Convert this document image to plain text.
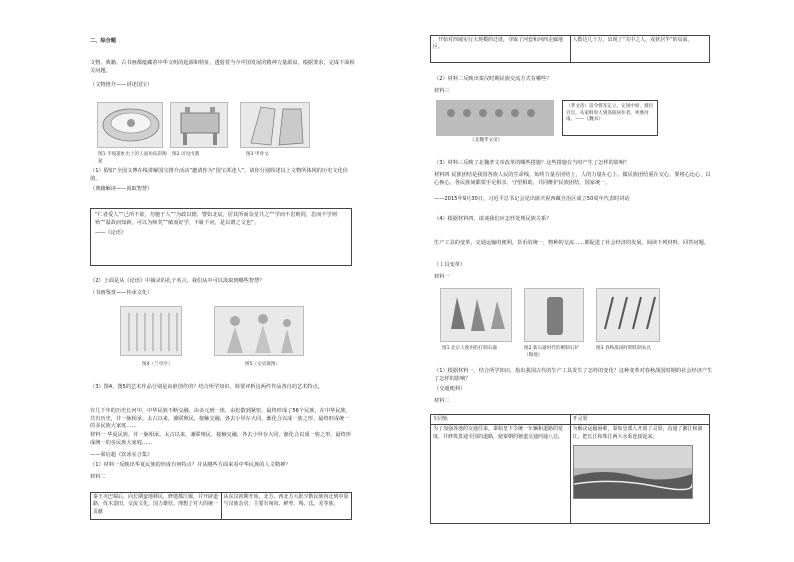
二、综合题
文物、典籍、古书画都蕴藏着中华文明的起源和特征，透射着当今中国发展的精神力量源泉。根据要求，完成下面相关问题。
（文物推介——讲述国宝）
图1 半坡遗址出土的人面鱼纹彩陶盆
图2 司母戊鼎	图3 甲骨文
（1）假如“全国文博在线讲解国宝推介活动”邀请你为“国宝讲述人”，请你分别简述以上文物所体现的历史文化价值。
（典籍解读——汲取智慧）
“仁者爱人”“己所不欲，勿施于人”“为政以德，譬如北辰，居其所而众星共之”“学而不思则罔，思而不学则殆”“温故而知新，可以为师矣”“敏而好学，不耻下问，是以谓之文也”。
——《论语》
（2）上面是从《论语》中摘录的孔子名言，我们从中可以汲取到哪些智慧？
（书画鉴赏——传承文化）
图4（兰亭序）	图5（女史箴图）
（3）图4、图5的艺术作品分别是由谁创作的？结合所学知识，简要评析这两件作品各自的艺术特点。
在几千年的历史长河中，中华民族不断交融，由多元到一体，由松散到紧密，最终形成了56个民族，在中华民族，共有历史，并一脉相承。太古以来，兼联殖民，接触交融，各去小异存大同，渐化合以成一族之形，最终形成统一的多民族大家庭……
材料一 华夏民族，并一脉相承。太古以来，兼联殖民，接触交融，各去小异存大同，渐化合以成一族之形，最终形成统一的多民族大家庭……
——梁启超《饮冰室合集》
（1）材料一反映出华夏民族的形成有何特点？并从哪些方面来看中华民族的人文精神？
材料二
秦王灭巴蜀后，向长期蛮地移民，修建都江堰，并开辟道路，伐木造田，交流文化。国力雄厚。理想了对大的统一贡献	从东汉初期开始，北方、西北方大批少数民族内迁到中原与汉族杂居，主要有匈奴、鲜卑、羯、氐、羌等族。
，开始对西域实行大规模的迁徙，夺取了河套和河西走廊地区。	人数达几十万，出现了“关中之人，戎狄居半”的局面。
（2）材料二反映出秦汉时期民族交流方式有哪些？
材料三
《北魏孝文帝》
（孝文帝）诏令将军定立，定国中原，群臣百官，从家鲜卑人到洛阳居住者，死葬河南。——《魏书》
（3）材料三反映了北魏孝文帝改革的哪些措施？这些措施在当时产生了怎样的影响？
材料四 民族团结是我国各族人民的生命线。始终力量在团结上，人的力量在心上。做民族团结重在交心，要将心比心，以心换心。各民族间都要手足相亲，守望相助，共同维护民族团结，国家统一。
——2015年9月30日，习近平总书记会见出席庆祝西藏自治区成立50周年代表时讲话
（4）根据材料四，谈谈我们应怎样处理民族关系？
生产工具的变革，交通运输的便利，货币的统一，物种的交流……都促进了社会经济的发展。阅读下列材料，回答问题。
（工具变革）
材料一
图1 北京人使用的打制石器	图2 新石器时代的磨制石铲（陶地）
图3 春秋战国时期铁制农具
（1）根据材料一，结合所学知识，指出我国古代的生产工具发生了怎样的变化？这种变革对春秋战国时期的社会经济产生了怎样的影响？
（交通便利）
材料二
车同轨	开灵渠
为了加强各地的交通往来，秦始皇下令统一车辆和道路的宽度，并修筑贯通全国的道路，使秦朝的驰道交通四通八达。	为解决运输困难，秦始皇派人开凿了灵渠，沟通了湘江和漓江，把长江和珠江两大水系连接起来。
